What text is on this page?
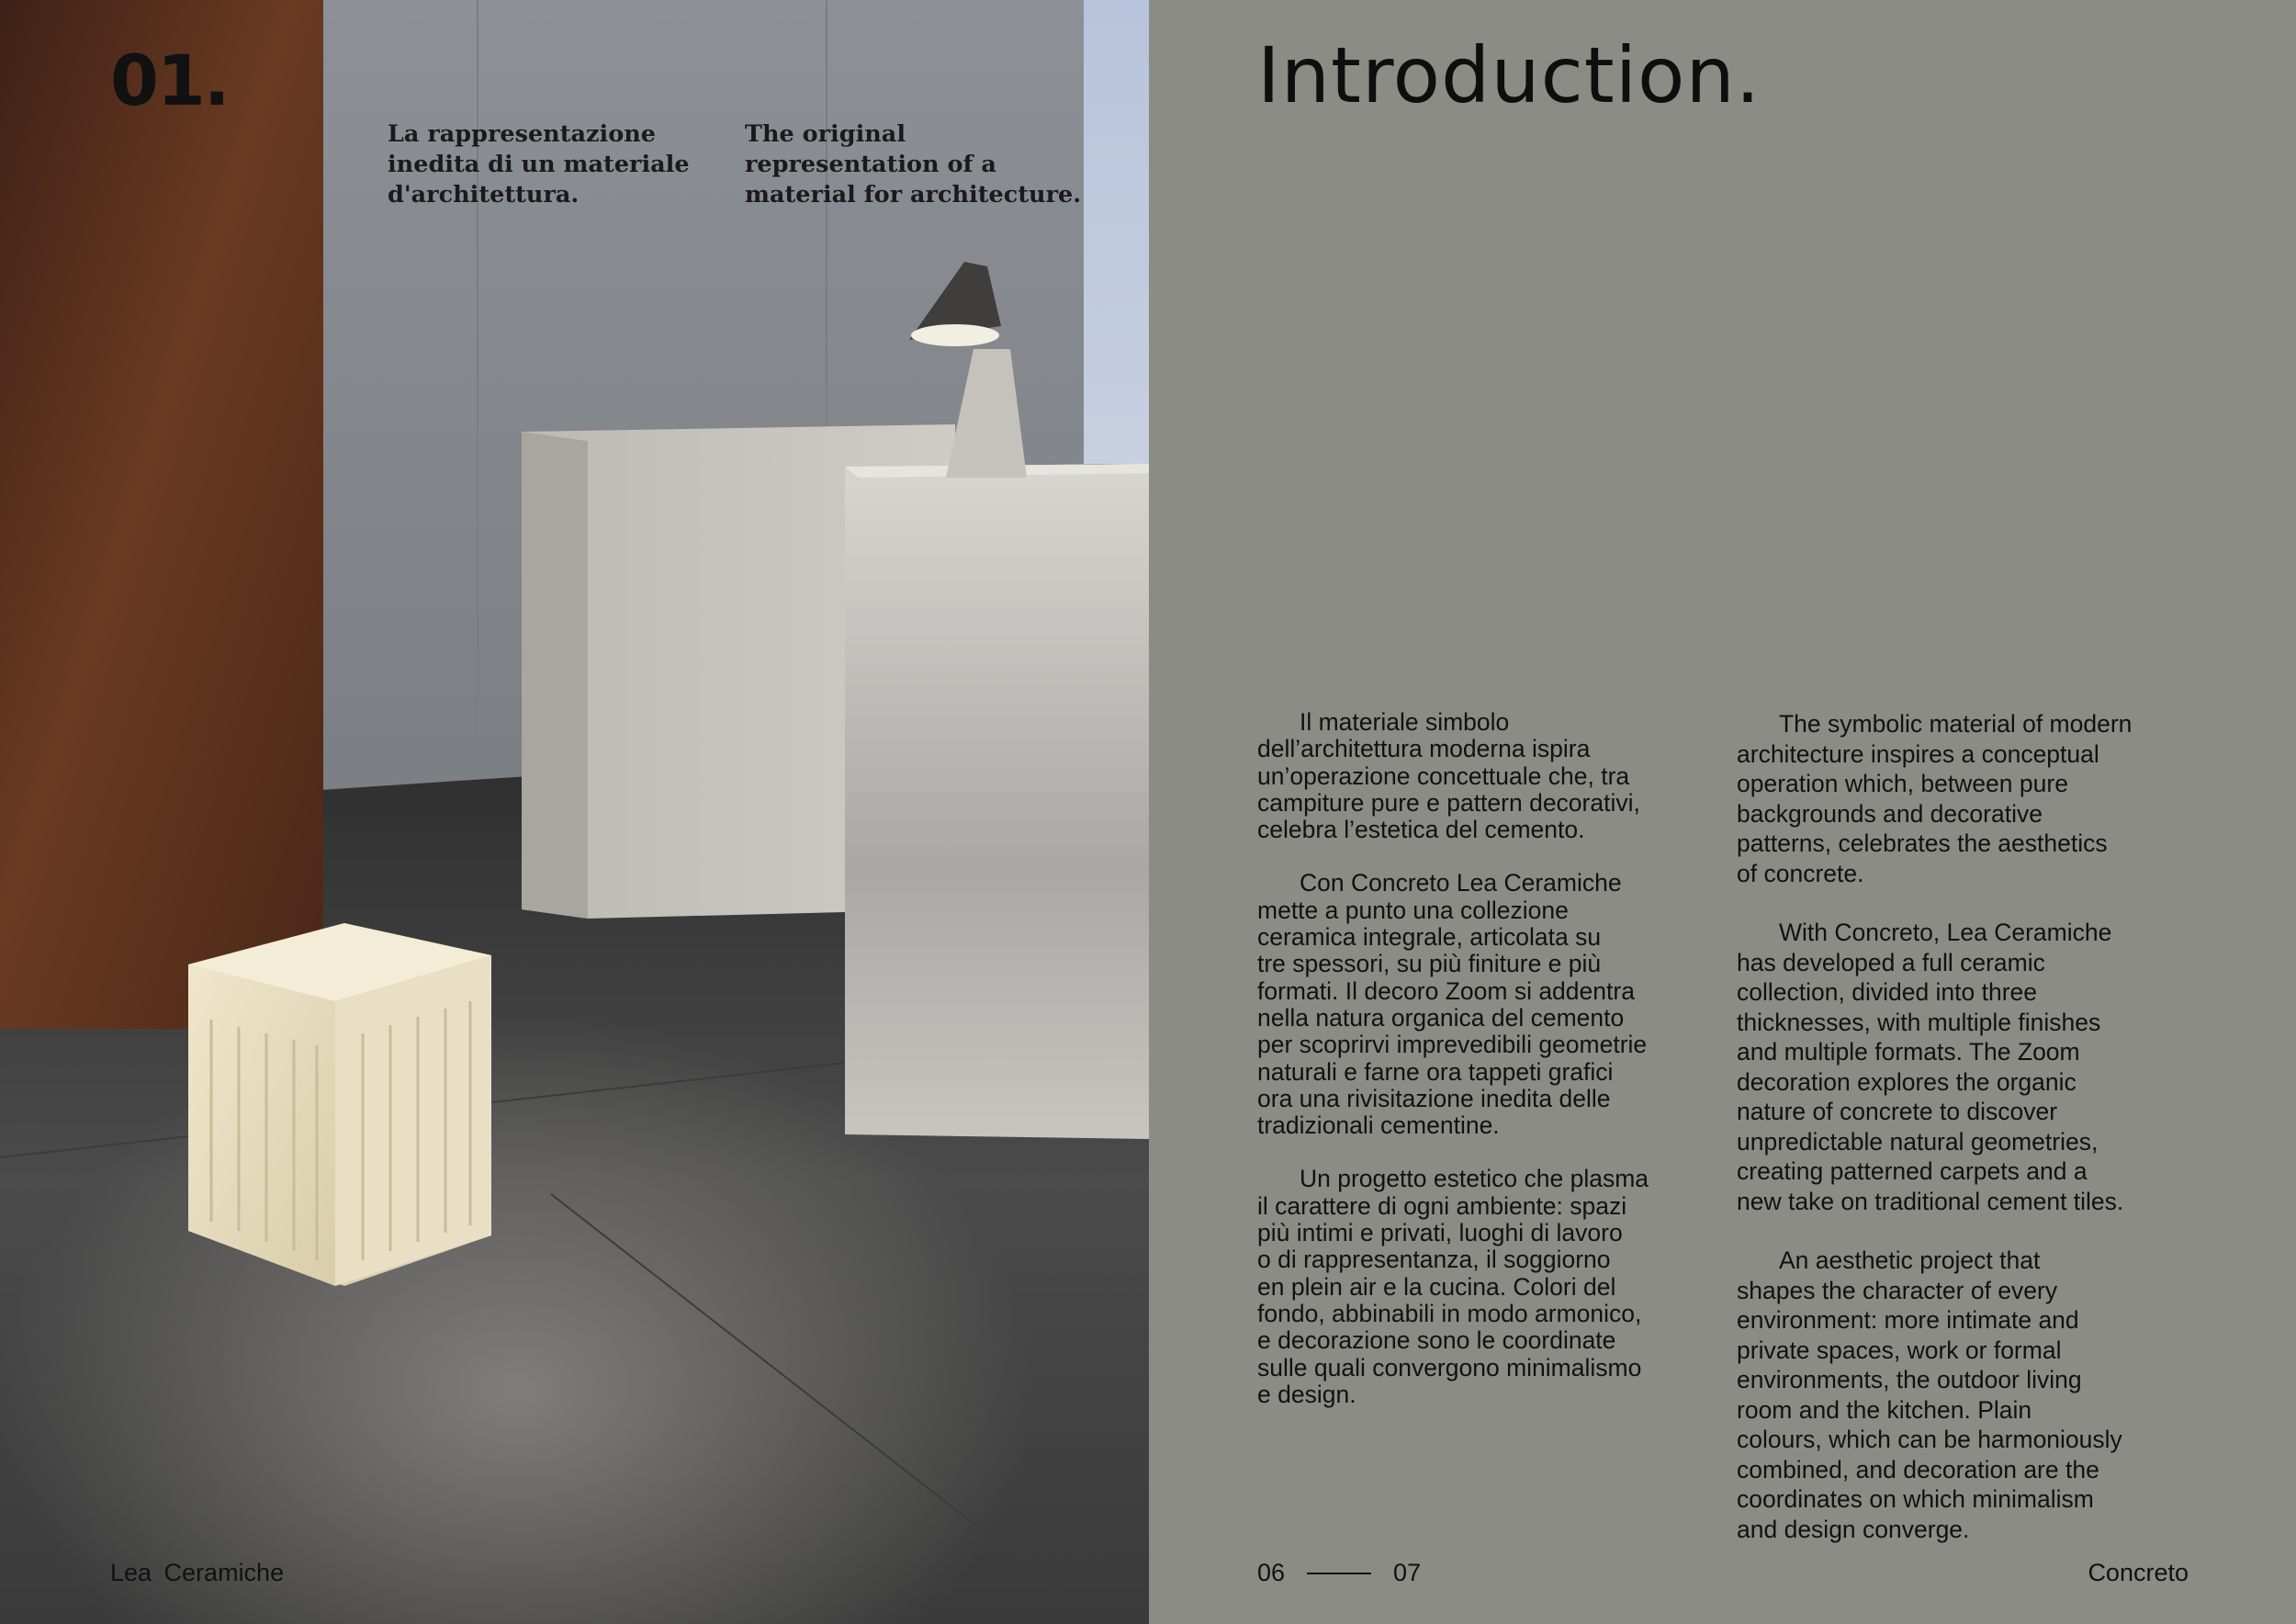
01.
La rappresentazione
inedita di un materiale
d'architettura.
The original
representation of a
material for architecture.
Lea Ceramiche
Introduction.

Il materiale simbolo
dell’architettura moderna ispira
un’operazione concettuale che, tra
campiture pure e pattern decorativi,
celebra l’estetica del cemento.

Con Concreto Lea Ceramiche
mette a punto una collezione
ceramica integrale, articolata su
tre spessori, su più finiture e più
formati. Il decoro Zoom si addentra
nella natura organica del cemento
per scoprirvi imprevedibili geometrie
naturali e farne ora tappeti grafici
ora una rivisitazione inedita delle
tradizionali cementine.

Un progetto estetico che plasma
il carattere di ogni ambiente: spazi
più intimi e privati, luoghi di lavoro
o di rappresentanza, il soggiorno
en plein air e la cucina. Colori del
fondo, abbinabili in modo armonico,
e decorazione sono le coordinate
sulle quali convergono minimalismo
e design.

The symbolic material of modern
architecture inspires a conceptual
operation which, between pure
backgrounds and decorative
patterns, celebrates the aesthetics
of concrete.

With Concreto, Lea Ceramiche
has developed a full ceramic
collection, divided into three
thicknesses, with multiple finishes
and multiple formats. The Zoom
decoration explores the organic
nature of concrete to discover
unpredictable natural geometries,
creating patterned carpets and a
new take on traditional cement tiles.

An aesthetic project that
shapes the character of every
environment: more intimate and
private spaces, work or formal
environments, the outdoor living
room and the kitchen. Plain
colours, which can be harmoniously
combined, and decoration are the
coordinates on which minimalism
and design converge.

06	07	Concreto
